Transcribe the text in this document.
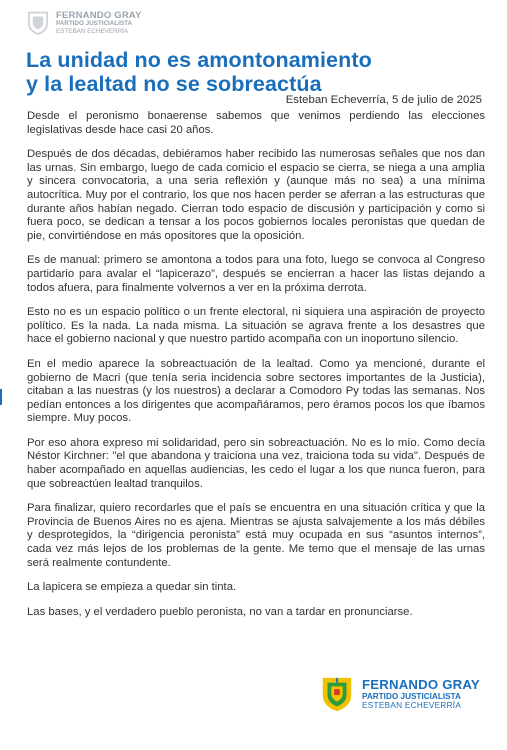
FERNANDO GRAY
PARTIDO JUSTICIALISTA
ESTEBAN ECHEVERRÍA
La unidad no es amontonamiento
y la lealtad no se sobreactúa
Esteban Echeverría, 5 de julio de 2025

Desde el peronismo bonaerense sabemos que venimos perdiendo las elecciones legislativas desde hace casi 20 años.

Después de dos décadas, debiéramos haber recibido las numerosas señales que nos dan las urnas. Sin embargo, luego de cada comicio el espacio se cierra, se niega a una amplia y sincera convocatoria, a una seria reflexión y (aunque más no sea) a una mínima autocrítica. Muy por el contrario, los que nos hacen perder se aferran a las estructuras que durante años habían negado. Cierran todo espacio de discusión y participación y como si fuera poco, se dedican a tensar a los pocos gobiernos locales peronistas que quedan de pie, convirtiéndose en más opositores que la oposición.

Es de manual: primero se amontona a todos para una foto, luego se convoca al Congreso partidario para avalar el “lapicerazo”, después se encierran a hacer las listas dejando a todos afuera, para finalmente volvernos a ver en la próxima derrota.

Esto no es un espacio político o un frente electoral, ni siquiera una aspiración de proyecto político. Es la nada. La nada misma. La situación se agrava frente a los desastres que hace el gobierno nacional y que nuestro partido acompaña con un inoportuno silencio.

En el medio aparece la sobreactuación de la lealtad. Como ya mencioné, durante el gobierno de Macri (que tenía seria incidencia sobre sectores importantes de la Justicia), citaban a las nuestras (y los nuestros) a declarar a Comodoro Py todas las semanas. Nos pedían entonces a los dirigentes que acompañáramos, pero éramos pocos los que íbamos siempre. Muy pocos.

Por eso ahora expreso mi solidaridad, pero sin sobreactuación. No es lo mío. Como decía Néstor Kirchner: "el que abandona y traiciona una vez, traiciona toda su vida". Después de haber acompañado en aquellas audiencias, les cedo el lugar a los que nunca fueron, para que sobreactúen lealtad tranquilos.

Para finalizar, quiero recordarles que el país se encuentra en una situación crítica y que la Provincia de Buenos Aires no es ajena. Mientras se ajusta salvajemente a los más débiles y desprotegidos, la “dirigencia peronista” está muy ocupada en sus “asuntos internos”, cada vez más lejos de los problemas de la gente. Me temo que el mensaje de las urnas será realmente contundente.

La lapicera se empieza a quedar sin tinta.

Las bases, y el verdadero pueblo peronista, no van a tardar en pronunciarse.

FERNANDO GRAY
PARTIDO JUSTICIALISTA
ESTEBAN ECHEVERRÍA
